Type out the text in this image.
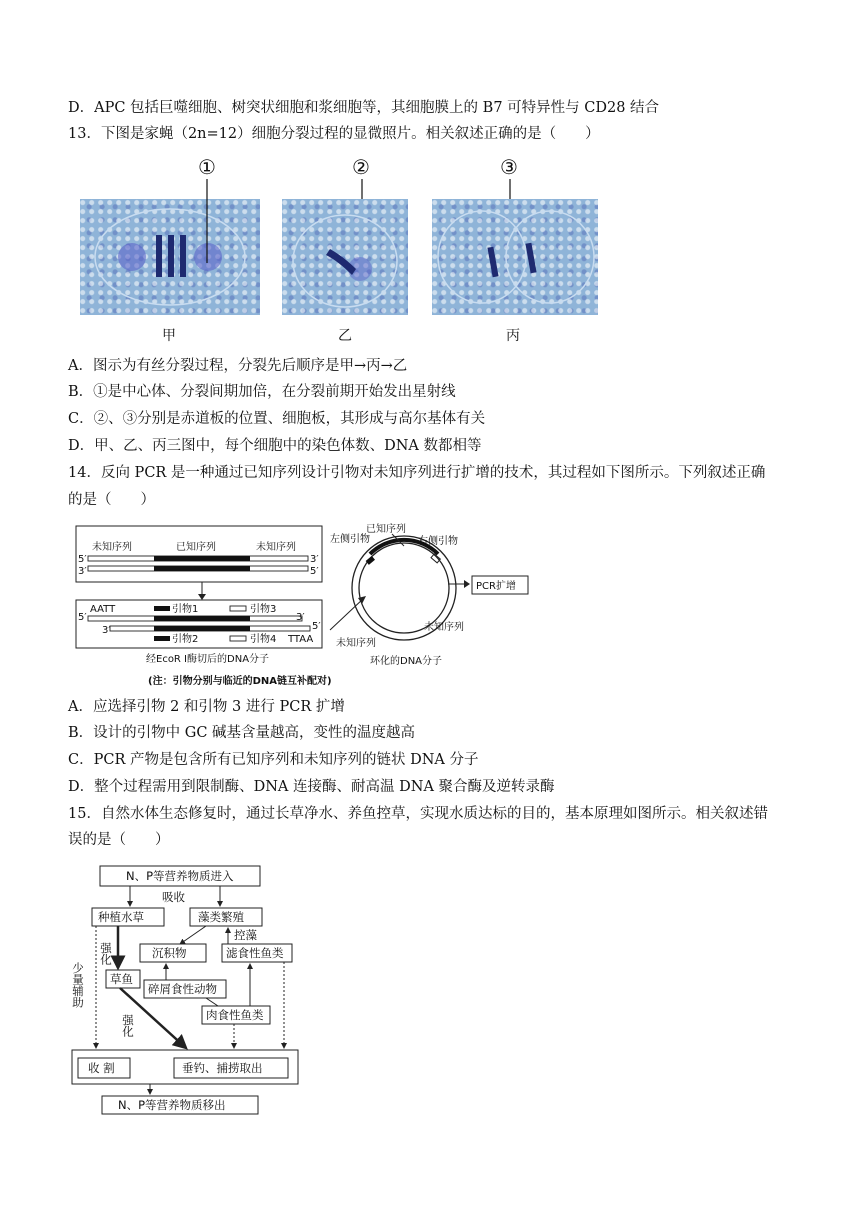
D．APC 包括巨噬细胞、树突状细胞和浆细胞等，其细胞膜上的 B7 可特异性与 CD28 结合
13．下图是家蝇（2n=12）细胞分裂过程的显微照片。相关叙述正确的是（　　）
①	②	③
甲	乙	丙
A．图示为有丝分裂过程，分裂先后顺序是甲→丙→乙
B．①是中心体、分裂间期加倍，在分裂前期开始发出星射线
C．②、③分别是赤道板的位置、细胞板，其形成与高尔基体有关
D．甲、乙、丙三图中，每个细胞中的染色体数、DNA 数都相等
14．反向 PCR 是一种通过已知序列设计引物对未知序列进行扩增的技术，其过程如下图所示。下列叙述正确
的是（　　）
未知序列	已知序列	未知序列
5′
3′
3′
5′
AATT	引物1	引物3
5′	3′
3′	5′
引物2	引物4 TTAA
经EcoR Ⅰ酶切后的DNA分子
已知序列
左侧引物	右侧引物
未知序列
未知序列
环化的DNA分子
PCR扩增
(注：引物分别与临近的DNA链互补配对)
A．应选择引物 2 和引物 3 进行 PCR 扩增
B．设计的引物中 GC 碱基含量越高，变性的温度越高
C．PCR 产物是包含所有已知序列和未知序列的链状 DNA 分子
D．整个过程需用到限制酶、DNA 连接酶、耐高温 DNA 聚合酶及逆转录酶
15．自然水体生态修复时，通过长草净水、养鱼控草，实现水质达标的目的，基本原理如图所示。相关叙述错
误的是（　　）
N、P等营养物质进入
吸收
种植水草	藻类繁殖
控藻
沉积物	滤食性鱼类
强化
少量辅助 草鱼
碎屑食性动物
肉食性鱼类
强化
收 割	垂钓、捕捞取出
N、P等营养物质移出
